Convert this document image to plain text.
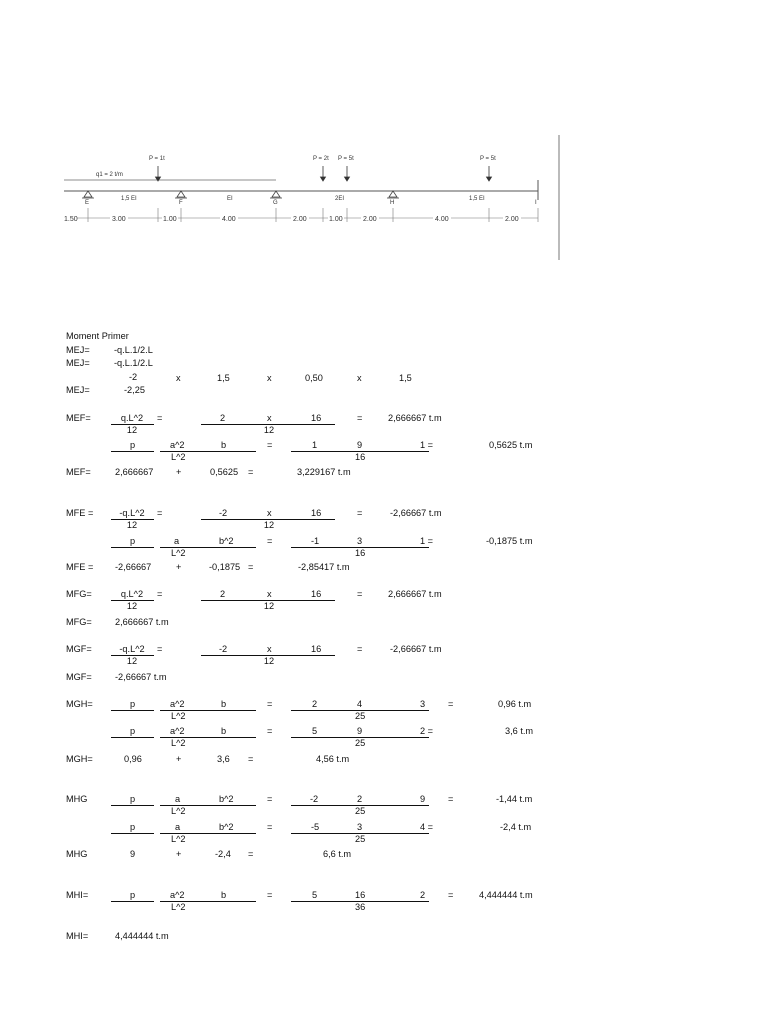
q1 = 2 t/m
P = 1t	P = 2t P = 5t	P = 5t
E	F	G	H	I
1,5 EI	EI	2EI	1,5 EI
1.50	3.00	1.00	4.00	2.00	1.00	2.00	4.00	2.00
Moment Primer
MEJ=	-q.L.1/2.L
MEJ=	-q.L.1/2.L
-2	x	1,5	x	0,50	x	1,5
MEJ=	-2,25
MEF=	q.L^2	=
12
2	x	16	=	2,666667 t.m
12
p	a^2	b	=	1	9	1 =	0,5625 t.m
L^2	16
MEF=	2,666667 +	0,5625 =	3,229167 t.m
MFE =	-q.L^2	=
12
-2	x	16	=	-2,66667 t.m
12
p	a	b^2	=	-1	3	1 =	-0,1875 t.m
L^2	16
MFE = -2,66667	+	-0,1875 =	-2,85417 t.m
MFG=	q.L^2	=
12
2	x	16	=	2,666667 t.m
12
MFG=	2,666667 t.m
MGF=	-q.L^2	=
12
-2	x	16	=	-2,66667 t.m
12
MGF=	-2,66667 t.m
MGH=	p	a^2	b	=	2	4	3 =	0,96 t.m
L^2	25
p	a^2	b	=	5	9	2 =	3,6 t.m
L^2	25
MGH=	0,96	+	3,6 =	4,56 t.m
MHG	p	a	b^2	=	-2	2	9 =	-1,44 t.m
L^2	25
p	a	b^2	=	-5	3	4 =	-2,4 t.m
L^2	25
MHG	9	+	-2,4 =	6,6 t.m
MHI=	p	a^2	b	=	5	16	2 =	4,444444 t.m
L^2	36
MHI=	4,444444 t.m
